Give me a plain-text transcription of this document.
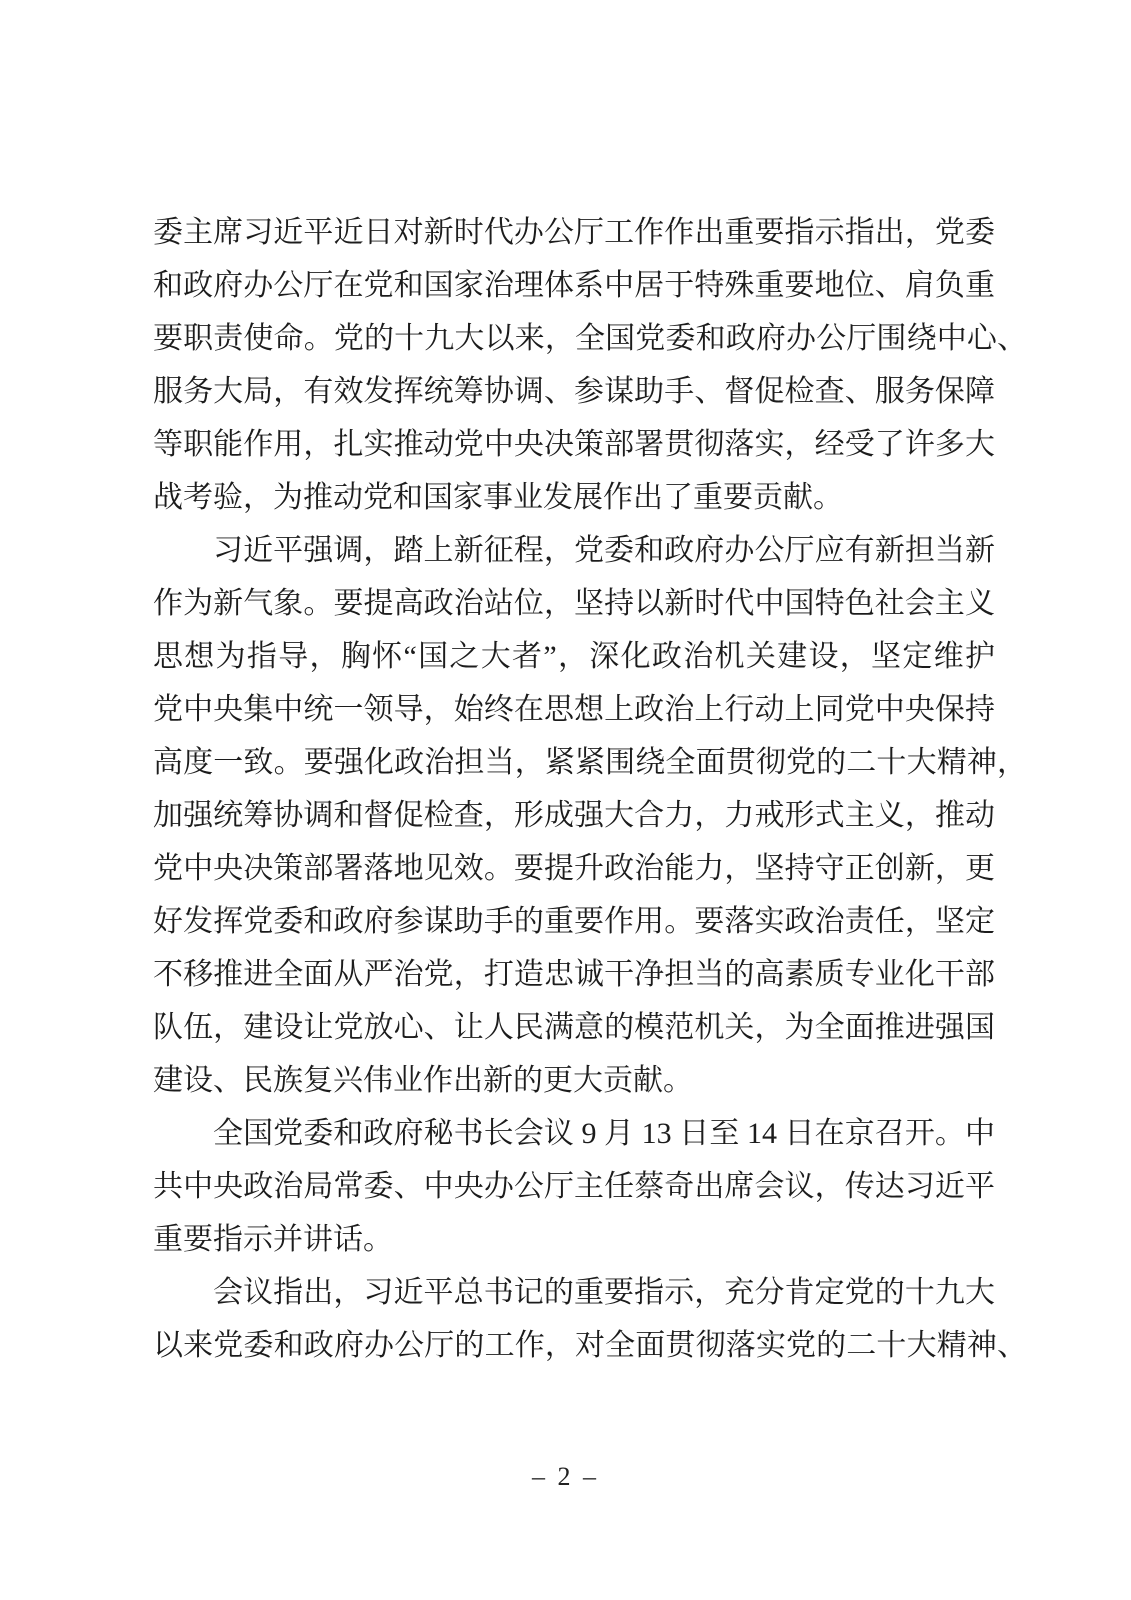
委主席习近平近日对新时代办公厅工作作出重要指示指出，党委
和政府办公厅在党和国家治理体系中居于特殊重要地位、肩负重
要职责使命。党的十九大以来，全国党委和政府办公厅围绕中心、
服务大局，有效发挥统筹协调、参谋助手、督促检查、服务保障
等职能作用，扎实推动党中央决策部署贯彻落实，经受了许多大
战考验，为推动党和国家事业发展作出了重要贡献。
习近平强调，踏上新征程，党委和政府办公厅应有新担当新
作为新气象。要提高政治站位，坚持以新时代中国特色社会主义
思想为指导，胸怀“国之大者”，深化政治机关建设，坚定维护
党中央集中统一领导，始终在思想上政治上行动上同党中央保持
高度一致。要强化政治担当，紧紧围绕全面贯彻党的二十大精神，
加强统筹协调和督促检查，形成强大合力，力戒形式主义，推动
党中央决策部署落地见效。要提升政治能力，坚持守正创新，更
好发挥党委和政府参谋助手的重要作用。要落实政治责任，坚定
不移推进全面从严治党，打造忠诚干净担当的高素质专业化干部
队伍，建设让党放心、让人民满意的模范机关，为全面推进强国
建设、民族复兴伟业作出新的更大贡献。
全国党委和政府秘书长会议 9 月 13 日至 14 日在京召开。中
共中央政治局常委、中央办公厅主任蔡奇出席会议，传达习近平
重要指示并讲话。
会议指出，习近平总书记的重要指示，充分肯定党的十九大
以来党委和政府办公厅的工作，对全面贯彻落实党的二十大精神、
– 2 –
